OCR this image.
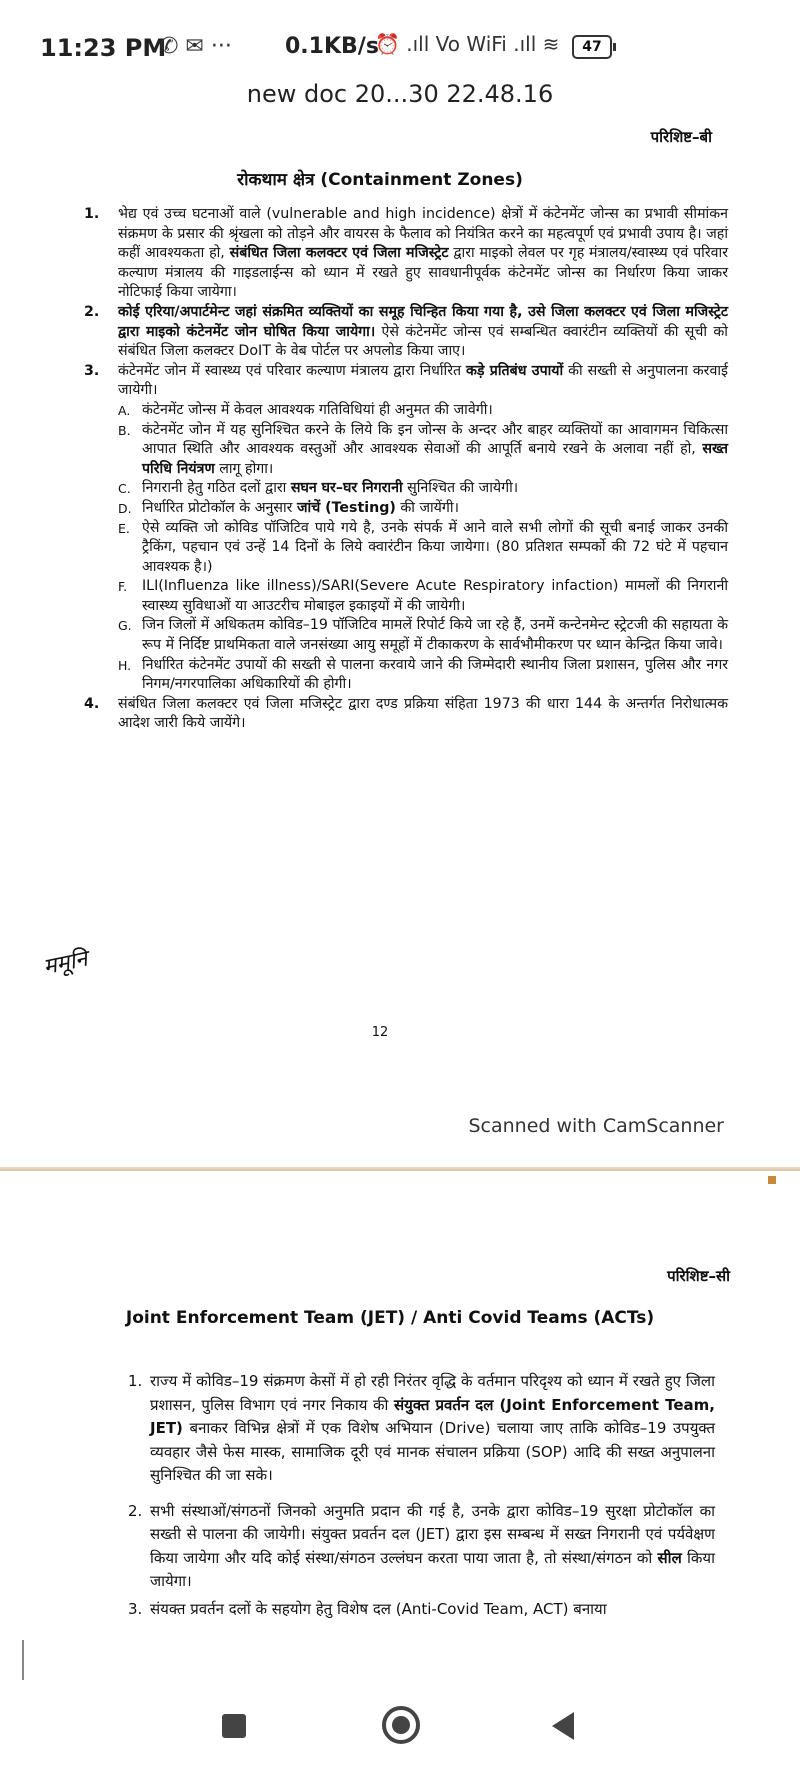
11:23 PM
✆ ✉ ··· 0.1KB/s
⏰ .ıll Vo WiFi .ıll ≋	47
new doc 20...30 22.48.16
परिशिष्ट–बी
रोकथाम क्षेत्र (Containment Zones)
1. भेद्य एवं उच्च घटनाओं वाले (vulnerable and high incidence) क्षेत्रों में कंटेनमेंट जोन्स का प्रभावी सीमांकन संक्रमण के प्रसार की श्रृंखला को तोड़ने और वायरस के फैलाव को नियंत्रित करने का महत्वपूर्ण एवं प्रभावी उपाय है। जहां कहीं आवश्यकता हो, संबंधित जिला कलक्टर एवं जिला मजिस्ट्रेट द्वारा माइको लेवल पर गृह मंत्रालय/स्वास्थ्य एवं परिवार कल्याण मंत्रालय की गाइडलाईन्स को ध्यान में रखते हुए सावधानीपूर्वक कंटेनमेंट जोन्स का निर्धारण किया जाकर नोटिफाई किया जायेगा।
2. कोई एरिया/अपार्टमेन्ट जहां संक्रमित व्यक्तियों का समूह चिन्हित किया गया है, उसे जिला कलक्टर एवं जिला मजिस्ट्रेट द्वारा माइको कंटेनमेंट जोन घोषित किया जायेगा। ऐसे कंटेनमेंट जोन्स एवं सम्बन्धित क्वारंटीन व्यक्तियों की सूची को संबंधित जिला कलक्टर DoIT के वेब पोर्टल पर अपलोड किया जाए।
3. कंटेनमेंट जोन में स्वास्थ्य एवं परिवार कल्याण मंत्रालय द्वारा निर्धारित कड़े प्रतिबंध उपायों की सख्ती से अनुपालना करवाई जायेगी।
A. कंटेनमेंट जोन्स में केवल आवश्यक गतिविधियां ही अनुमत की जावेगी।
B. कंटेनमेंट जोन में यह सुनिश्चित करने के लिये कि इन जोन्स के अन्दर और बाहर व्यक्तियों का आवागमन चिकित्सा आपात स्थिति और आवश्यक वस्तुओं और आवश्यक सेवाओं की आपूर्ति बनाये रखने के अलावा नहीं हो, सख्त परिधि नियंत्रण लागू होगा।
C. निगरानी हेतु गठित दलों द्वारा सघन घर–घर निगरानी सुनिश्चित की जायेगी।
D. निर्धारित प्रोटोकॉल के अनुसार जांचें (Testing) की जायेंगी।
E. ऐसे व्यक्ति जो कोविड पॉजिटिव पाये गये है, उनके संपर्क में आने वाले सभी लोगों की सूची बनाई जाकर उनकी ट्रैकिंग, पहचान एवं उन्हें 14 दिनों के लिये क्वारंटीन किया जायेगा। (80 प्रतिशत सम्पर्को की 72 घंटे में पहचान आवश्यक है।)
F. ILI(Influenza like illness)/SARI(Severe Acute Respiratory infaction) मामलों की निगरानी स्वास्थ्य सुविधाओं या आउटरीच मोबाइल इकाइयों में की जायेगी।
G. जिन जिलों में अधिकतम कोविड–19 पॉजिटिव मामलें रिपोर्ट किये जा रहे हैं, उनमें कन्टेनमेन्ट स्ट्रेटजी की सहायता के रूप में निर्दिष्ट प्राथमिकता वाले जनसंख्या आयु समूहों में टीकाकरण के सार्वभौमीकरण पर ध्यान केन्द्रित किया जावे।
H. निर्धारित कंटेनमेंट उपायों की सख्ती से पालना करवाये जाने की जिम्मेदारी स्थानीय जिला प्रशासन, पुलिस और नगर निगम/नगरपालिका अधिकारियों की होगी।
4. संबंधित जिला कलक्टर एवं जिला मजिस्ट्रेट द्वारा दण्ड प्रक्रिया संहिता 1973 की धारा 144 के अन्तर्गत निरोधात्मक आदेश जारी किये जायेंगे।
ममूनि
12
Scanned with CamScanner
परिशिष्ट–सी
Joint Enforcement Team (JET) / Anti Covid Teams (ACTs)
1. राज्य में कोविड–19 संक्रमण केसों में हो रही निरंतर वृद्धि के वर्तमान परिदृश्य को ध्यान में रखते हुए जिला प्रशासन, पुलिस विभाग एवं नगर निकाय की संयुक्त प्रवर्तन दल (Joint Enforcement Team, JET) बनाकर विभिन्न क्षेत्रों में एक विशेष अभियान (Drive) चलाया जाए ताकि कोविड–19 उपयुक्त व्यवहार जैसे फेस मास्क, सामाजिक दूरी एवं मानक संचालन प्रक्रिया (SOP) आदि की सख्त अनुपालना सुनिश्चित की जा सके।
2. सभी संस्थाओं/संगठनों जिनको अनुमति प्रदान की गई है, उनके द्वारा कोविड–19 सुरक्षा प्रोटोकॉल का सख्ती से पालना की जायेगी। संयुक्त प्रवर्तन दल (JET) द्वारा इस सम्बन्ध में सख्त निगरानी एवं पर्यवेक्षण किया जायेगा और यदि कोई संस्था/संगठन उल्लंघन करता पाया जाता है, तो संस्था/संगठन को सील किया जायेगा।
3. संयक्त प्रवर्तन दलों के सहयोग हेतु विशेष दल (Anti-Covid Team, ACT) बनाया
